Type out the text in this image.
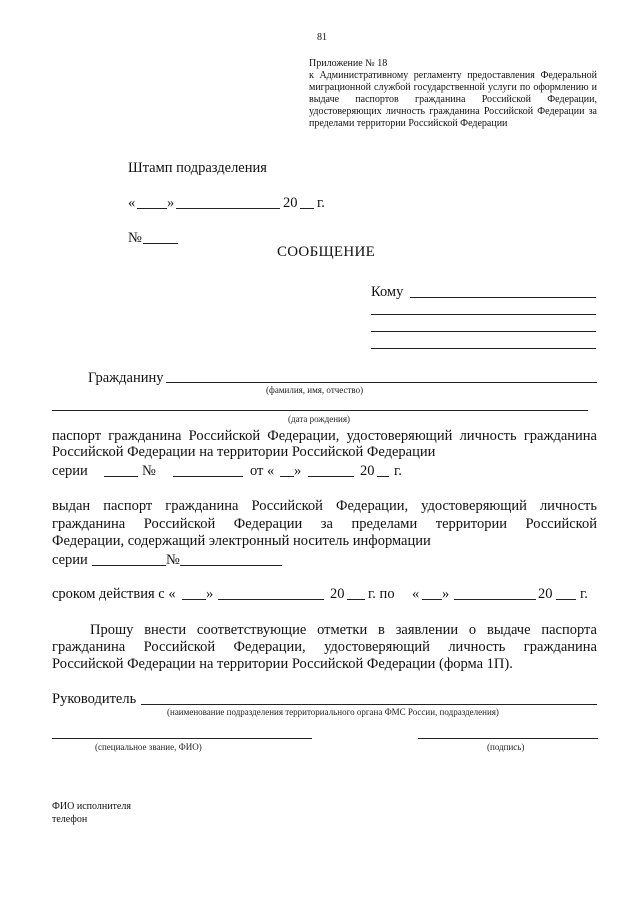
81
Приложение № 18
к Административному регламенту предоставления Федеральной
миграционной службой государственной услуги по оформлению и
выдаче паспортов гражданина Российской Федерации,
удостоверяющих личность гражданина Российской Федерации за
пределами территории Российской Федерации
Штамп подразделения
« »	20 г.
№
СООБЩЕНИЕ
Кому
Гражданину
(фамилия, имя, отчество)
(дата рождения)
паспорт гражданина Российской Федерации, удостоверяющий личность гражданина
Российской Федерации на территории Российской Федерации
серии	№	от « »	20 г.
выдан паспорт гражданина Российской Федерации, удостоверяющий личность
гражданина Российской Федерации за пределами территории Российской
Федерации, содержащий электронный носитель информации
серии	№
сроком действия с « »	20 г. по « »	20 г.
Прошу внести соответствующие отметки в заявлении о выдаче паспорта
гражданина Российской Федерации, удостоверяющий личность гражданина
Российской Федерации на территории Российской Федерации (форма 1П).
Руководитель
(наименование подразделения территориального органа ФМС России, подразделения)
(специальное звание, ФИО)	(подпись)
ФИО исполнителя
телефон
